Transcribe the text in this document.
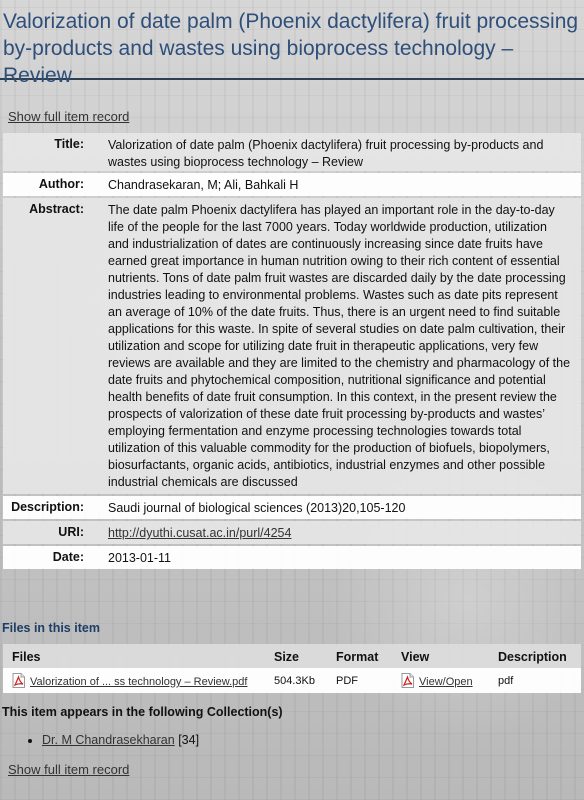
Valorization of date palm (Phoenix dactylifera) fruit processing by-products and wastes using bioprocess technology – Review
Show full item record
Title:	Valorization of date palm (Phoenix dactylifera) fruit processing by-products and wastes using bioprocess technology – Review
Author:	Chandrasekaran, M; Ali, Bahkali H
Abstract:	The date palm Phoenix dactylifera has played an important role in the day-to-day life of the people for the last 7000 years. Today worldwide production, utilization and industrialization of dates are continuously increasing since date fruits have earned great importance in human nutrition owing to their rich content of essential nutrients. Tons of date palm fruit wastes are discarded daily by the date processing industries leading to environmental problems. Wastes such as date pits represent an average of 10% of the date fruits. Thus, there is an urgent need to find suitable applications for this waste. In spite of several studies on date palm cultivation, their utilization and scope for utilizing date fruit in therapeutic applications, very few reviews are available and they are limited to the chemistry and pharmacology of the date fruits and phytochemical composition, nutritional significance and potential health benefits of date fruit consumption. In this context, in the present review the prospects of valorization of these date fruit processing by-products and wastes’ employing fermentation and enzyme processing technologies towards total utilization of this valuable commodity for the production of biofuels, biopolymers, biosurfactants, organic acids, antibiotics, industrial enzymes and other possible industrial chemicals are discussed
Description:	Saudi journal of biological sciences (2013)20,105-120
URI:	http://dyuthi.cusat.ac.in/purl/4254
Date:	2013-01-11
Files in this item
Files	Size	Format	View	Description
Valorization of ... ss technology – Review.pdf	504.3Kb	PDF	View/Open	pdf
This item appears in the following Collection(s)
• Dr. M Chandrasekharan [34]
Show full item record
